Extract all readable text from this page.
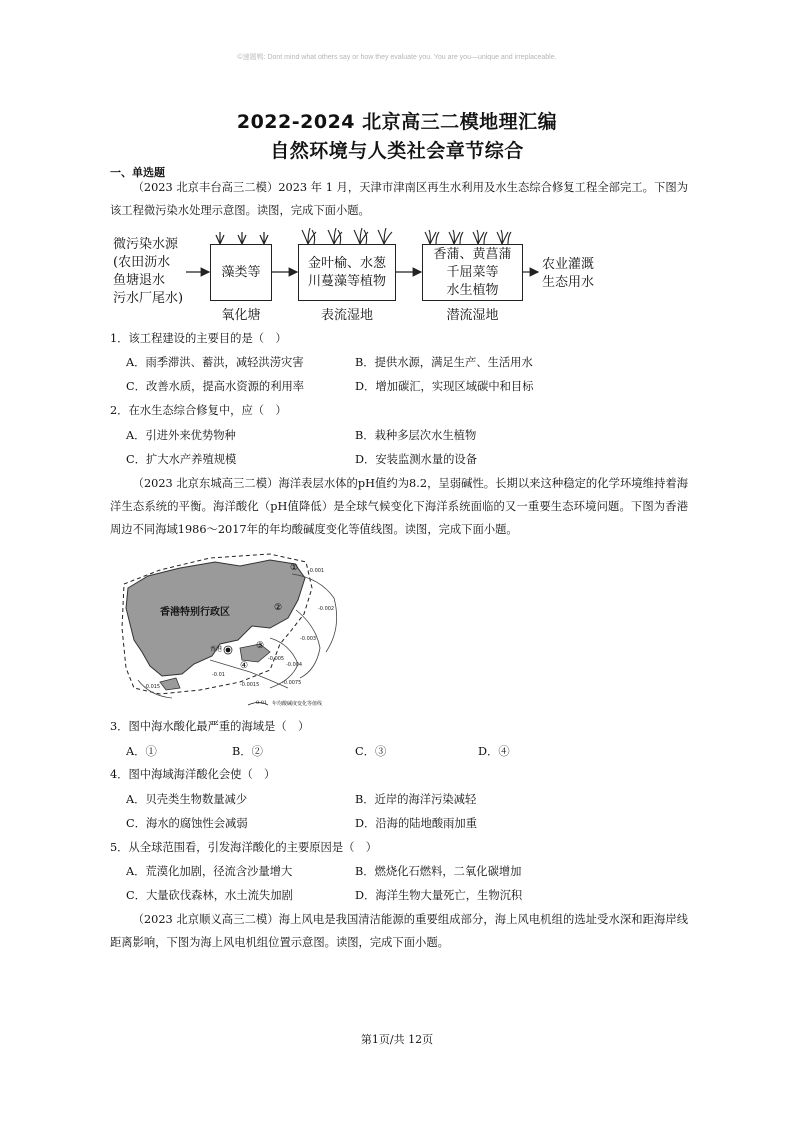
©速题鸭: Dont mind what others say or how they evaluate you. You are you—unique and irreplaceable.
2022-2024 北京高三二模地理汇编
自然环境与人类社会章节综合
一、单选题
（2023 北京丰台高三二模）2023 年 1 月，天津市津南区再生水利用及水生态综合修复工程全部完工。下图为该工程微污染水处理示意图。读图，完成下面小题。
微污染水源
(农田沥水
鱼塘退水
污水厂尾水)
藻类等
金叶榆、水葱
川蔓藻等植物
香蒲、黄菖蒲
千屈菜等
水生植物
农业灌溉
生态用水
氧化塘	表流湿地	潜流湿地
1．该工程建设的主要目的是（　）
A．雨季滞洪、蓄洪，减轻洪涝灾害	B．提供水源，满足生产、生活用水
C．改善水质，提高水资源的利用率	D．增加碳汇，实现区域碳中和目标
2．在水生态综合修复中，应（　）
A．引进外来优势物种	B．栽种多层次水生植物
C．扩大水产养殖规模	D．安装监测水量的设备
（2023 北京东城高三二模）海洋表层水体的pH值约为8.2，呈弱碱性。长期以来这种稳定的化学环境维持着海洋生态系统的平衡。海洋酸化（pH值降低）是全球气候变化下海洋系统面临的又一重要生态环境问题。下图为香港周边不同海域1986～2017年的年均酸碱度变化等值线图。读图，完成下面小题。
①
②
③
④
-0.001
-0.002
-0.003
-0.004
-0.005
-0.0075
-0.01
-0.0015
-0.015
香港特别行政区
香港
0.01 年均酸碱度变化等值线
3．图中海水酸化最严重的海域是（　）
A．①	B．②	C．③	D．④
4．图中海域海洋酸化会使（　）
A．贝壳类生物数量减少	B．近岸的海洋污染减轻
C．海水的腐蚀性会减弱	D．沿海的陆地酸雨加重
5．从全球范围看，引发海洋酸化的主要原因是（　）
A．荒漠化加剧，径流含沙量增大	B．燃烧化石燃料，二氧化碳增加
C．大量砍伐森林，水土流失加剧	D．海洋生物大量死亡，生物沉积
（2023 北京顺义高三二模）海上风电是我国清洁能源的重要组成部分，海上风电机组的选址受水深和距海岸线距离影响，下图为海上风电机组位置示意图。读图，完成下面小题。
第1页/共 12页
